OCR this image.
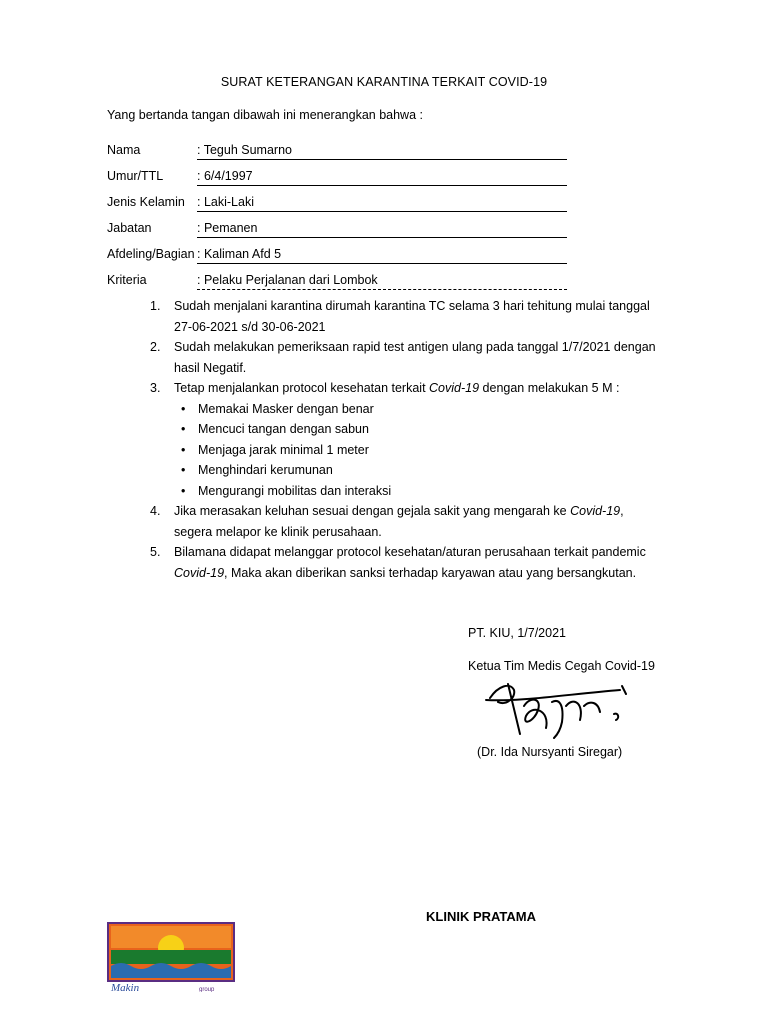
SURAT KETERANGAN KARANTINA TERKAIT COVID-19
Yang bertanda tangan dibawah ini menerangkan bahwa :
Nama	: Teguh Sumarno
Umur/TTL	: 6/4/1997
Jenis Kelamin : Laki-Laki
Jabatan	: Pemanen
Afdeling/Bagian : Kaliman Afd 5
Kriteria	: Pelaku Perjalanan dari Lombok
1. Sudah menjalani karantina dirumah karantina TC selama 3 hari tehitung mulai tanggal 27-06-2021 s/d 30-06-2021
2. Sudah melakukan pemeriksaan rapid test antigen ulang pada tanggal 1/7/2021 dengan hasil Negatif.
3. Tetap menjalankan protocol kesehatan terkait Covid-19 dengan melakukan 5 M :
• Memakai Masker dengan benar
• Mencuci tangan dengan sabun
• Menjaga jarak minimal 1 meter
• Menghindari kerumunan
• Mengurangi mobilitas dan interaksi
4. Jika merasakan keluhan sesuai dengan gejala sakit yang mengarah ke Covid-19, segera melapor ke klinik perusahaan.
5. Bilamana didapat melanggar protocol kesehatan/aturan perusahaan terkait pandemic Covid-19, Maka akan diberikan sanksi terhadap karyawan atau yang bersangkutan.
PT. KIU, 1/7/2021
Ketua Tim Medis Cegah Covid-19
(Dr. Ida Nursyanti Siregar)
KLINIK PRATAMA
Makin	group
